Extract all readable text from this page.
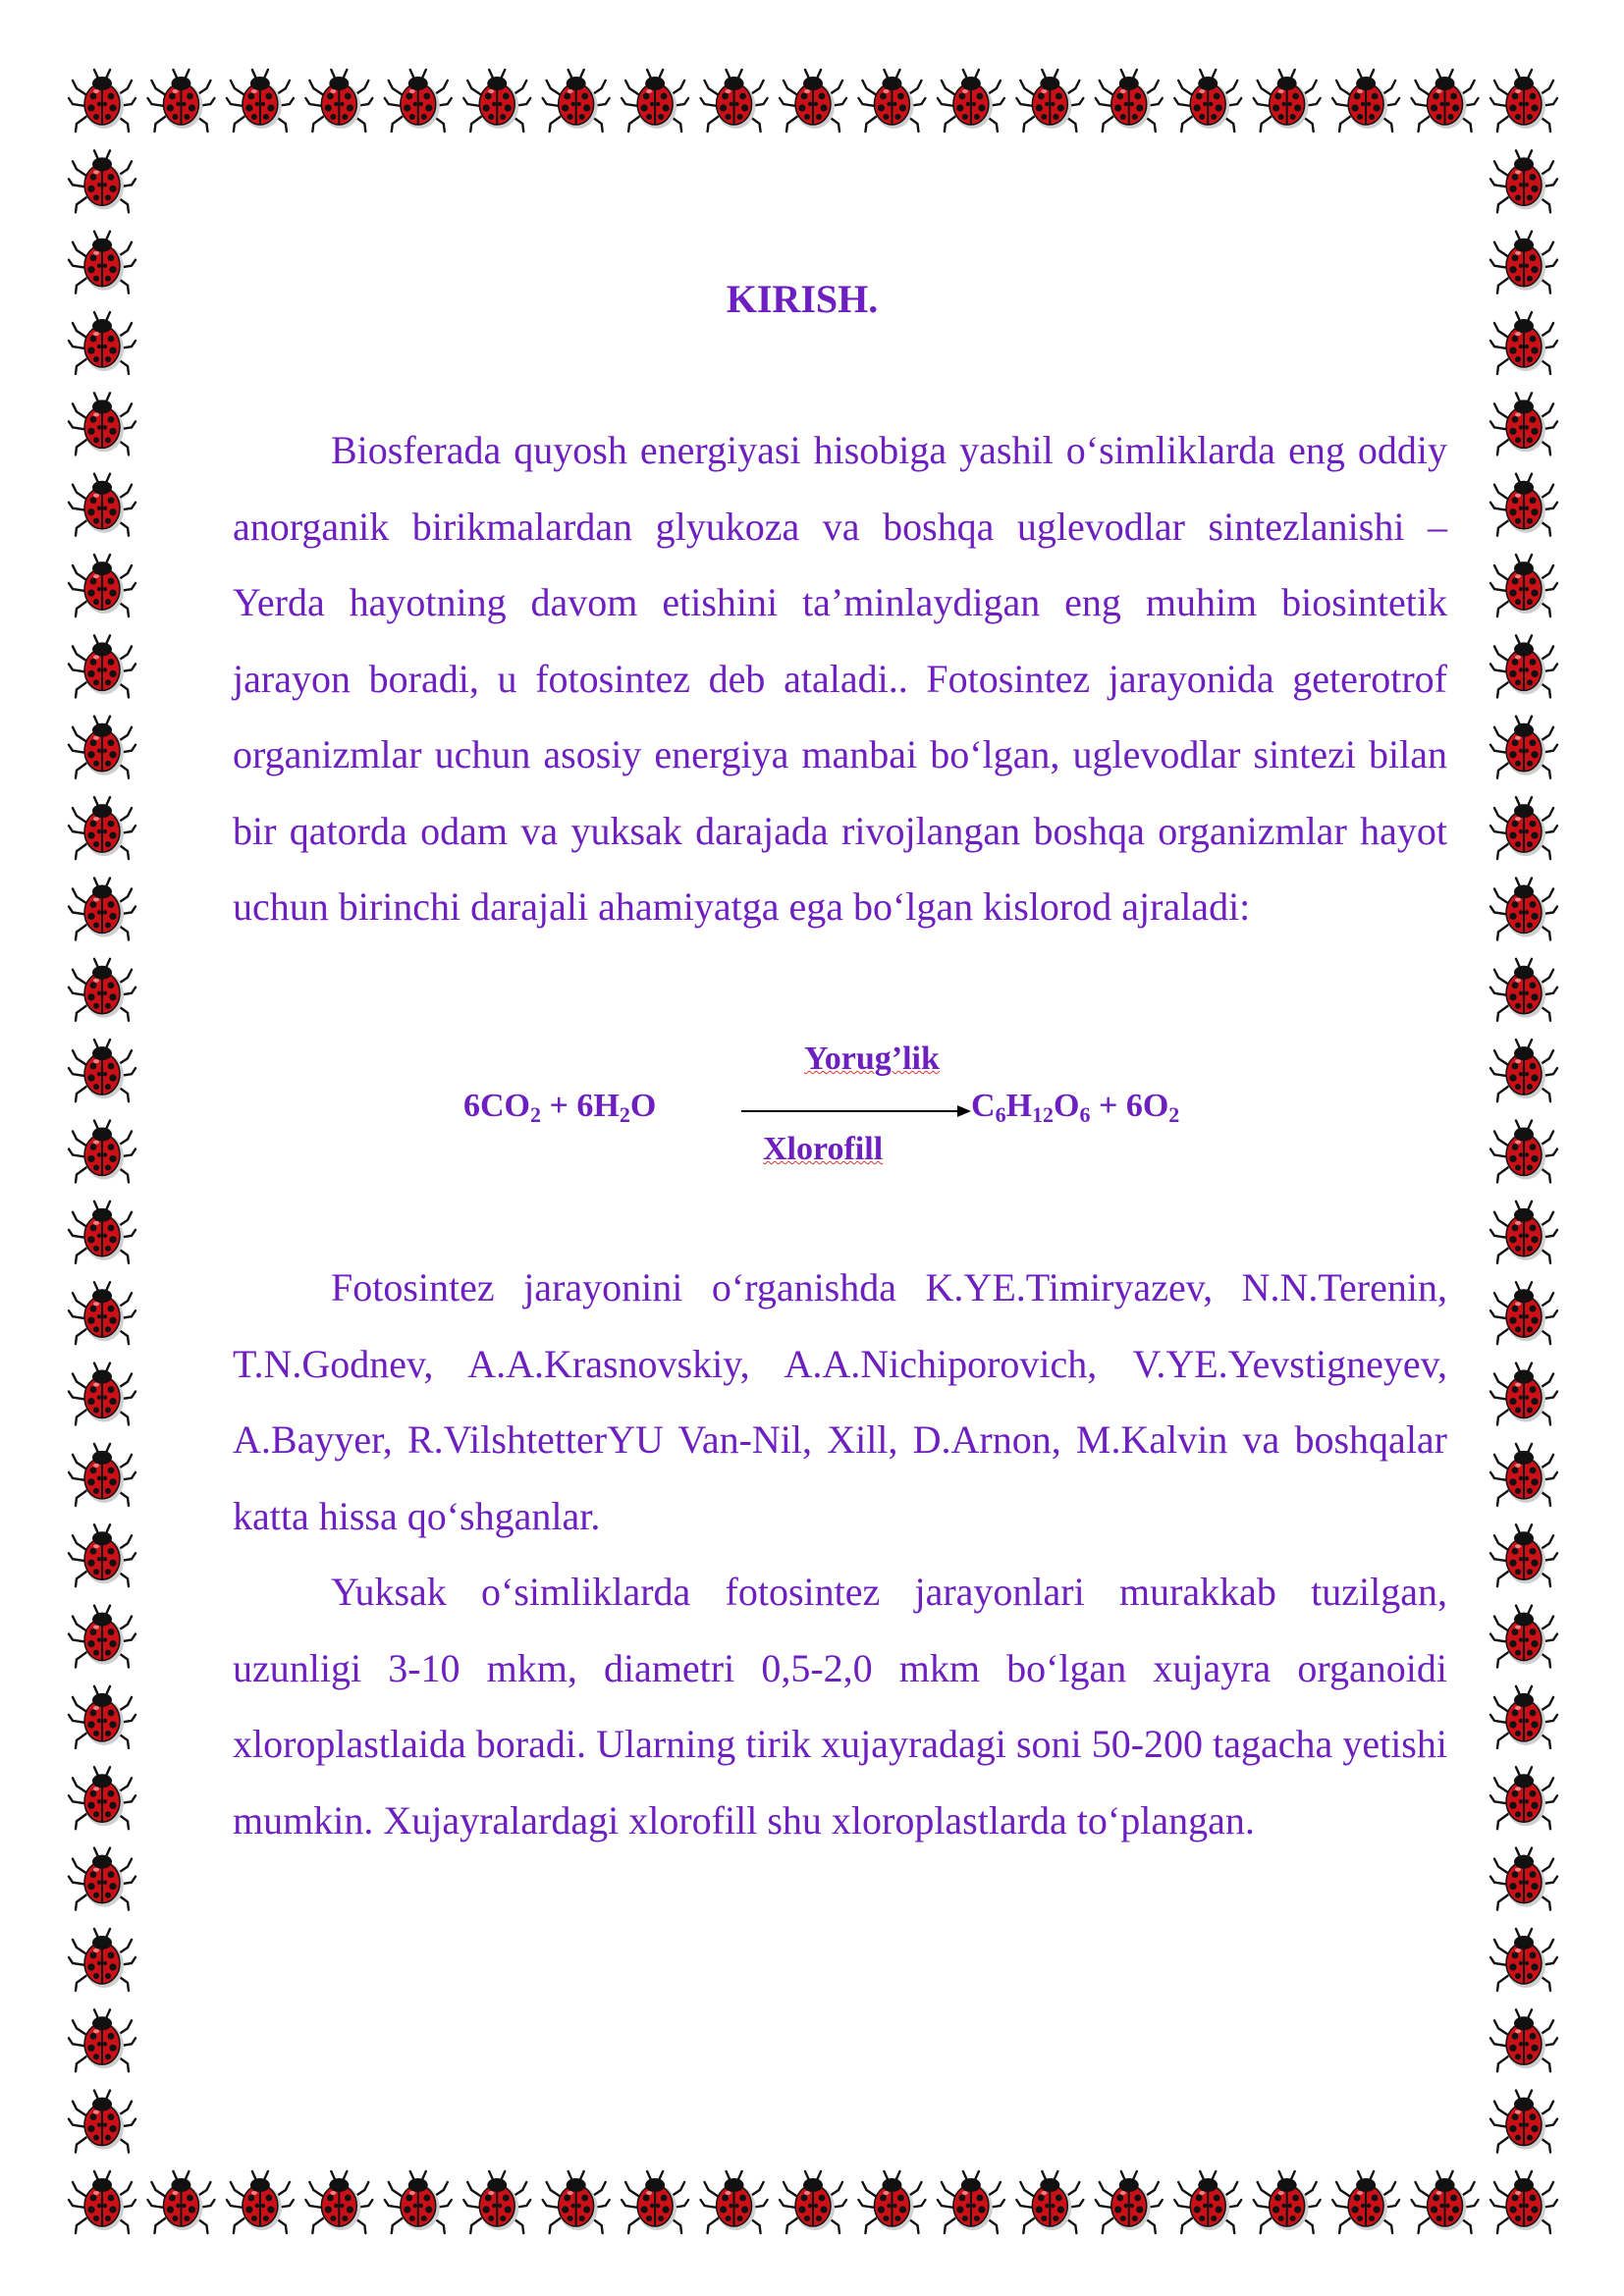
KIRISH.

Biosferada quyosh energiyasi hisobiga yashil o‘simliklarda eng oddiy anorganik birikmalardan glyukoza va boshqa uglevodlar sintezlanishi – Yerda hayotning davom etishini ta’minlaydigan eng muhim biosintetik jarayon boradi, u fotosintez deb ataladi.. Fotosintez jarayonida geterotrof organizmlar uchun asosiy energiya manbai bo‘lgan, uglevodlar sintezi bilan bir qatorda odam va yuksak darajada rivojlangan boshqa organizmlar hayot uchun birinchi darajali ahamiyatga ega bo‘lgan kislorod ajraladi:

$6CO_2 + 6H_2O$
Yorug’lik
Xlorofill
$C_6H_{12}O_6 + 6O_2$

Fotosintez jarayonini o‘rganishda K.YE.Timiryazev, N.N.Terenin, T.N.Godnev, A.A.Krasnovskiy, A.A.Nichiporovich, V.YE.Yevstigneyev, A.Bayyer, R.VilshtetterYU Van-Nil, Xill, D.Arnon, M.Kalvin va boshqalar katta hissa qo‘shganlar.

Yuksak o‘simliklarda fotosintez jarayonlari murakkab tuzilgan, uzunligi 3-10 mkm, diametri 0,5-2,0 mkm bo‘lgan xujayra organoidi xloroplastlaida boradi. Ularning tirik xujayradagi soni 50-200 tagacha yetishi mumkin. Xujayralardagi xlorofill shu xloroplastlarda to‘plangan.
